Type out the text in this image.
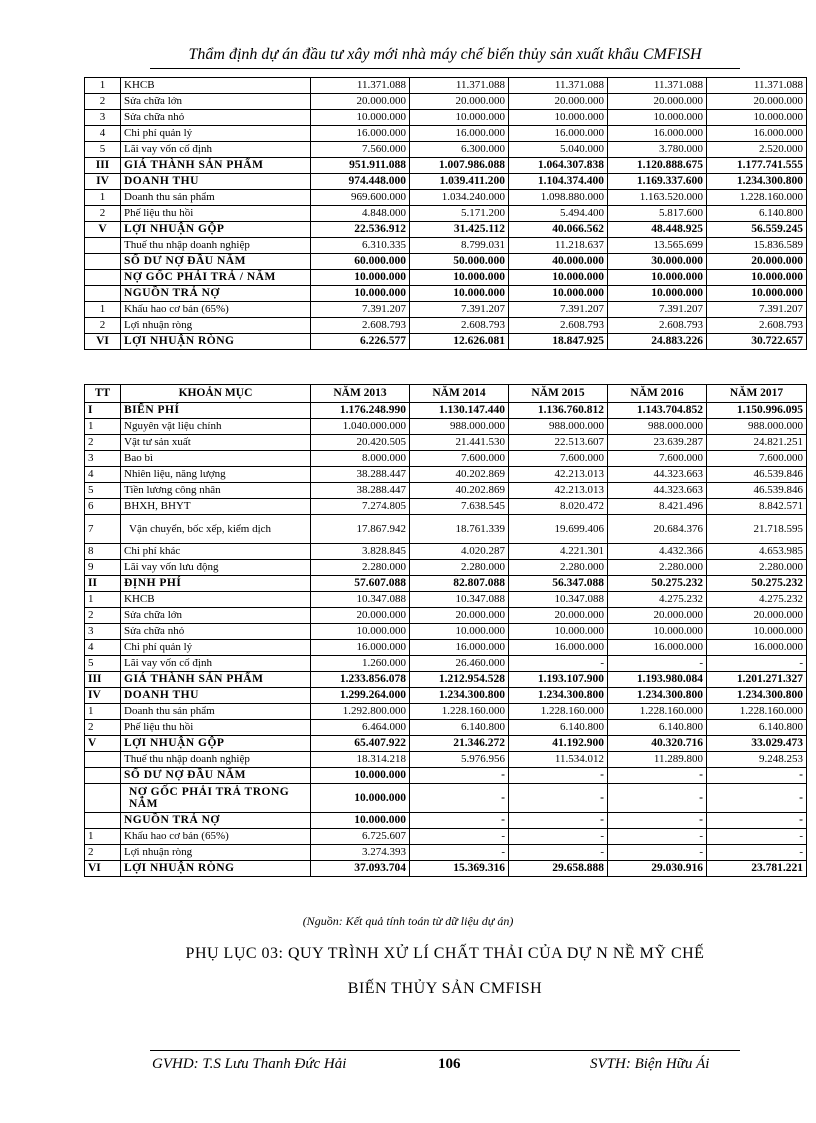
Thẩm định dự án đầu tư xây mới nhà máy chế biến thủy sản xuất khẩu CMFISH
1	KHCB	11.371.088	11.371.088	11.371.088	11.371.088	11.371.088
2	Sửa chữa lớn	20.000.000	20.000.000	20.000.000	20.000.000	20.000.000
3	Sửa chữa nhỏ	10.000.000	10.000.000	10.000.000	10.000.000	10.000.000
4	Chi phí quản lý	16.000.000	16.000.000	16.000.000	16.000.000	16.000.000
5	Lãi vay vốn cố định	7.560.000	6.300.000	5.040.000	3.780.000	2.520.000
III	GIÁ THÀNH SẢN PHẨM	951.911.088	1.007.986.088	1.064.307.838	1.120.888.675	1.177.741.555
IV	DOANH THU	974.448.000	1.039.411.200	1.104.374.400	1.169.337.600	1.234.300.800
1	Doanh thu sản phẩm	969.600.000	1.034.240.000	1.098.880.000	1.163.520.000	1.228.160.000
2	Phế liệu thu hồi	4.848.000	5.171.200	5.494.400	5.817.600	6.140.800
V	LỢI NHUẬN GỘP	22.536.912	31.425.112	40.066.562	48.448.925	56.559.245
	Thuế thu nhập doanh nghiệp	6.310.335	8.799.031	11.218.637	13.565.699	15.836.589
	SỐ DƯ NỢ ĐẦU NĂM	60.000.000	50.000.000	40.000.000	30.000.000	20.000.000
	NỢ GỐC PHẢI TRẢ / NĂM	10.000.000	10.000.000	10.000.000	10.000.000	10.000.000
	NGUỒN TRẢ NỢ	10.000.000	10.000.000	10.000.000	10.000.000	10.000.000
1	Khấu hao cơ bản (65%)	7.391.207	7.391.207	7.391.207	7.391.207	7.391.207
2	Lợi nhuận ròng	2.608.793	2.608.793	2.608.793	2.608.793	2.608.793
VI	LỢI NHUẬN RÒNG	6.226.577	12.626.081	18.847.925	24.883.226	30.722.657
TT	KHOẢN MỤC	NĂM 2013	NĂM 2014	NĂM 2015	NĂM 2016	NĂM 2017
I	BIẾN PHÍ	1.176.248.990	1.130.147.440	1.136.760.812	1.143.704.852	1.150.996.095
1	Nguyên vật liệu chính	1.040.000.000	988.000.000	988.000.000	988.000.000	988.000.000
2	Vật tư sản xuất	20.420.505	21.441.530	22.513.607	23.639.287	24.821.251
3	Bao bì	8.000.000	7.600.000	7.600.000	7.600.000	7.600.000
4	Nhiên liệu, năng lượng	38.288.447	40.202.869	42.213.013	44.323.663	46.539.846
5	Tiền lương công nhân	38.288.447	40.202.869	42.213.013	44.323.663	46.539.846
6	BHXH, BHYT	7.274.805	7.638.545	8.020.472	8.421.496	8.842.571
7	Vận chuyển, bốc xếp, kiểm dịch	17.867.942	18.761.339	19.699.406	20.684.376	21.718.595
8	Chi phí khác	3.828.845	4.020.287	4.221.301	4.432.366	4.653.985
9	Lãi vay vốn lưu động	2.280.000	2.280.000	2.280.000	2.280.000	2.280.000
II	ĐỊNH PHÍ	57.607.088	82.807.088	56.347.088	50.275.232	50.275.232
1	KHCB	10.347.088	10.347.088	10.347.088	4.275.232	4.275.232
2	Sửa chữa lớn	20.000.000	20.000.000	20.000.000	20.000.000	20.000.000
3	Sửa chữa nhỏ	10.000.000	10.000.000	10.000.000	10.000.000	10.000.000
4	Chi phí quản lý	16.000.000	16.000.000	16.000.000	16.000.000	16.000.000
5	Lãi vay vốn cố định	1.260.000	26.460.000	-	-	-
III	GIÁ THÀNH SẢN PHẨM	1.233.856.078	1.212.954.528	1.193.107.900	1.193.980.084	1.201.271.327
IV	DOANH THU	1.299.264.000	1.234.300.800	1.234.300.800	1.234.300.800	1.234.300.800
1	Doanh thu sản phẩm	1.292.800.000	1.228.160.000	1.228.160.000	1.228.160.000	1.228.160.000
2	Phế liệu thu hồi	6.464.000	6.140.800	6.140.800	6.140.800	6.140.800
V	LỢI NHUẬN GỘP	65.407.922	21.346.272	41.192.900	40.320.716	33.029.473
	Thuế thu nhập doanh nghiệp	18.314.218	5.976.956	11.534.012	11.289.800	9.248.253
	SỐ DƯ NỢ ĐẦU NĂM	10.000.000	-	-	-	-
	NỢ GỐC PHẢI TRẢ TRONG NĂM	10.000.000	-	-	-	-
	NGUỒN TRẢ NỢ	10.000.000	-	-	-	-
1	Khấu hao cơ bản (65%)	6.725.607	-	-	-	-
2	Lợi nhuận ròng	3.274.393	-	-	-	-
VI	LỢI NHUẬN RÒNG	37.093.704	15.369.316	29.658.888	29.030.916	23.781.221
(Nguồn: Kết quả tính toán từ dữ liệu dự án)
PHỤ LỤC 03: QUY TRÌNH XỬ LÍ CHẤT THẢI CỦA DỰ N NỀ MỸ CHẾ
BIẾN THỦY SẢN CMFISH
GVHD: T.S Lưu Thanh Đức Hải	106	SVTH: Biện Hữu Ái
